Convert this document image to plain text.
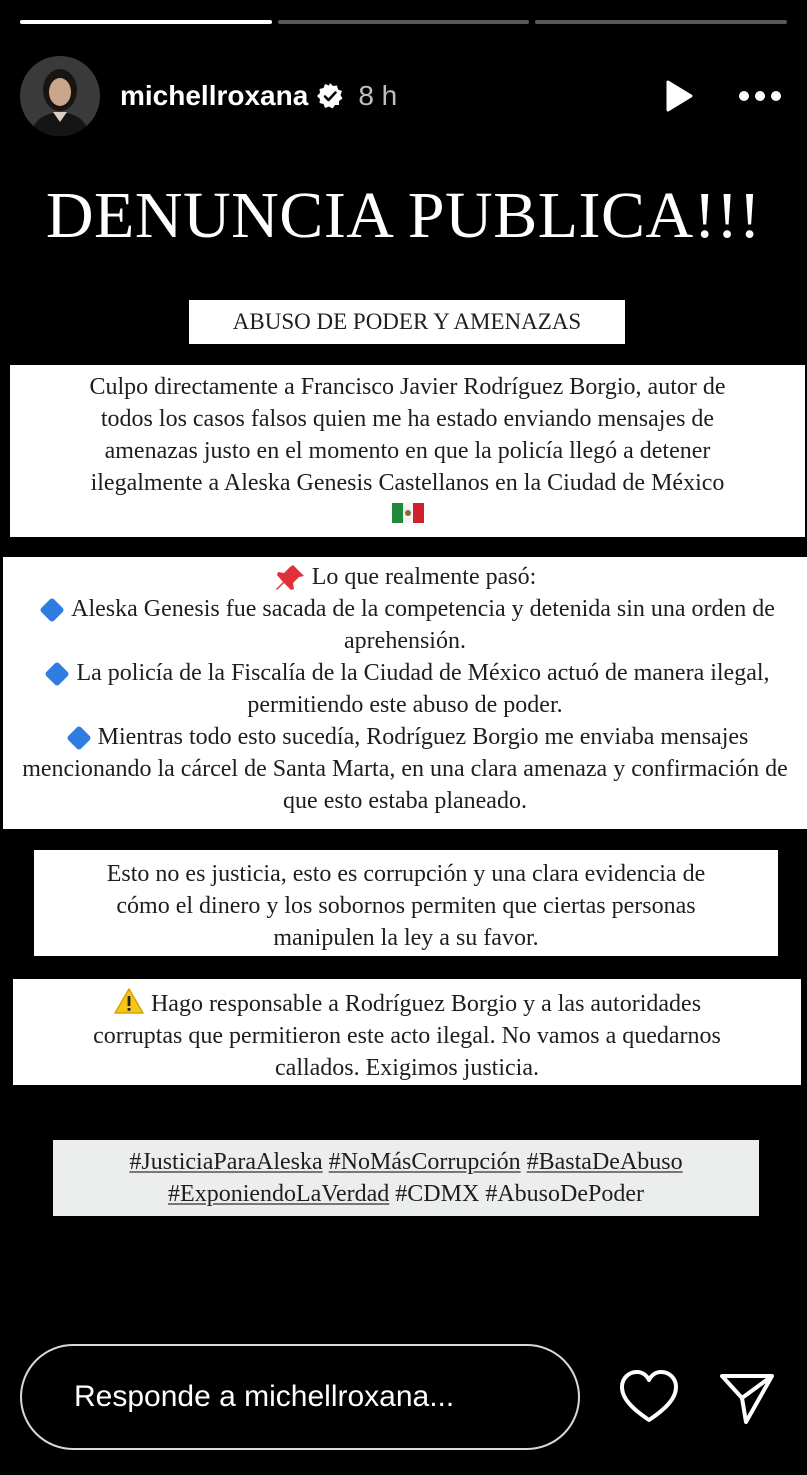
michellroxana 8 h
DENUNCIA PUBLICA!!!
ABUSO DE PODER Y AMENAZAS

Culpo directamente a Francisco Javier Rodríguez Borgio, autor de
todos los casos falsos quien me ha estado enviando mensajes de
amenazas justo en el momento en que la policía llegó a detener
ilegalmente a Aleska Genesis Castellanos en la Ciudad de México

Lo que realmente pasó:
Aleska Genesis fue sacada de la competencia y detenida sin una orden de aprehensión.
La policía de la Fiscalía de la Ciudad de México actuó de manera ilegal, permitiendo este abuso de poder.
Mientras todo esto sucedía, Rodríguez Borgio me enviaba mensajes mencionando la cárcel de Santa Marta, en una clara amenaza y confirmación de que esto estaba planeado.

Esto no es justicia, esto es corrupción y una clara evidencia de
cómo el dinero y los sobornos permiten que ciertas personas
manipulen la ley a su favor.

Hago responsable a Rodríguez Borgio y a las autoridades
corruptas que permitieron este acto ilegal. No vamos a quedarnos
callados. Exigimos justicia.

#JusticiaParaAleska #NoMásCorrupción #BastaDeAbuso
#ExponiendoLaVerdad #CDMX #AbusoDePoder
Responde a michellroxana...
